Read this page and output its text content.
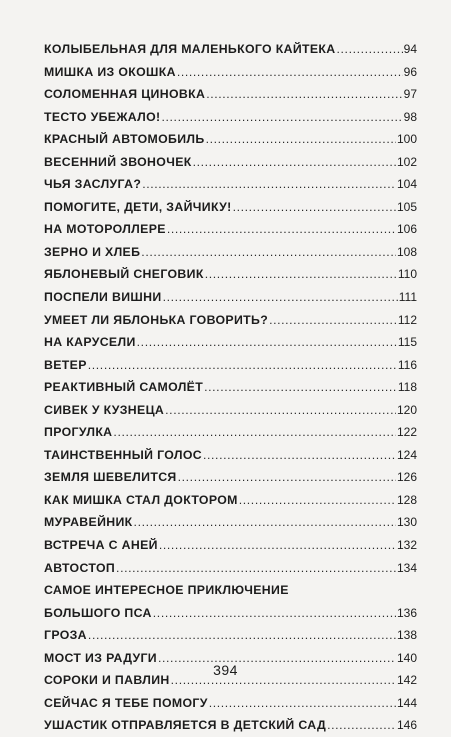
КОЛЫБЕЛЬНАЯ ДЛЯ МАЛЕНЬКОГО КАЙТЕКА .....	94
МИШКА ИЗ ОКОШКА .....	96
СОЛОМЕННАЯ ЦИНОВКА .....	97
ТЕСТО УБЕЖАЛО! .....	98
КРАСНЫЙ АВТОМОБИЛЬ .....	100
ВЕСЕННИЙ ЗВОНОЧЕК .....	102
ЧЬЯ ЗАСЛУГА? .....	104
ПОМОГИТЕ, ДЕТИ, ЗАЙЧИКУ! .....	105
НА МОТОРОЛЛЕРЕ .....	106
ЗЕРНО И ХЛЕБ .....	108
ЯБЛОНЕВЫЙ СНЕГОВИК .....	110
ПОСПЕЛИ ВИШНИ .....	111
УМЕЕТ ЛИ ЯБЛОНЬКА ГОВОРИТЬ? .....	112
НА КАРУСЕЛИ .....	115
ВЕТЕР .....	116
РЕАКТИВНЫЙ САМОЛЁТ .....	118
СИВЕК У КУЗНЕЦА .....	120
ПРОГУЛКА .....	122
ТАИНСТВЕННЫЙ ГОЛОС .....	124
ЗЕМЛЯ ШЕВЕЛИТСЯ .....	126
КАК МИШКА СТАЛ ДОКТОРОМ .....	128
МУРАВЕЙНИК .....	130
ВСТРЕЧА С АНЕЙ .....	132
АВТОСТОП .....	134
САМОЕ ИНТЕРЕСНОЕ ПРИКЛЮЧЕНИЕ
БОЛЬШОГО ПСА .....	136
ГРОЗА .....	138
МОСТ ИЗ РАДУГИ .....	140
СОРОКИ И ПАВЛИН .....	142
СЕЙЧАС Я ТЕБЕ ПОМОГУ .....	144
УШАСТИК ОТПРАВЛЯЕТСЯ В ДЕТСКИЙ САД .....	146
394
